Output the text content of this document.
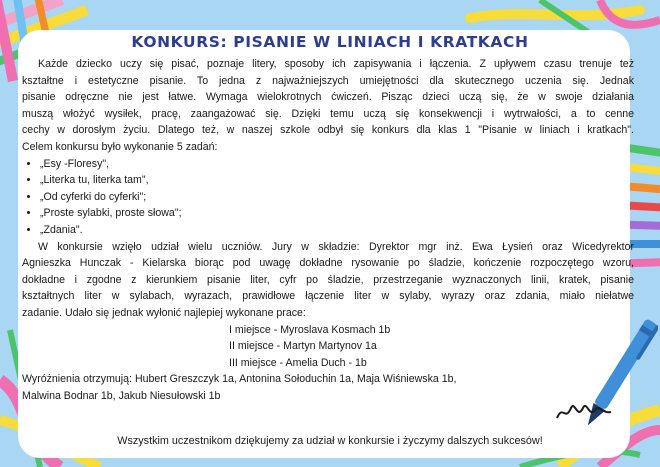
KONKURS: PISANIE W LINIACH I KRATKACH

Każde dziecko uczy się pisać, poznaje litery, sposoby ich zapisywania i łączenia. Z upływem czasu trenuje też

kształtne i estetyczne pisanie. To jedna z najważniejszych umiejętności dla skutecznego uczenia się. Jednak

pisanie odręczne nie jest łatwe. Wymaga wielokrotnych ćwiczeń. Pisząc dzieci uczą się, że w swoje działania

muszą włożyć wysiłek, pracę, zaangażować się. Dzięki temu uczą się konsekwencji i wytrwałości, a to cenne

cechy w dorosłym życiu. Dlatego też, w naszej szkole odbył się konkurs dla klas 1 "Pisanie w liniach i kratkach".

Celem konkursu było wykonanie 5 zadań:

• „Esy -Floresy",
• „Literka tu, literka tam",
• „Od cyferki do cyferki";
• „Proste sylabki, proste słowa";
• „Zdania".

W konkursie wzięło udział wielu uczniów. Jury w składzie: Dyrektor mgr inż. Ewa Łysień oraz Wicedyrektor

Agnieszka Hunczak - Kielarska biorąc pod uwagę dokładne rysowanie po śladzie, kończenie rozpoczętego wzoru,

dokładne i zgodne z kierunkiem pisanie liter, cyfr po śladzie, przestrzeganie wyznaczonych linii, kratek, pisanie

kształtnych liter w sylabach, wyrazach, prawidłowe łączenie liter w sylaby, wyrazy oraz zdania, miało niełatwe

zadanie. Udało się jednak wyłonić najlepiej wykonane prace:

I miejsce - Myroslava Kosmach 1b

II miejsce - Martyn Martynov 1a

III miejsce - Amelia Duch - 1b

Wyróżnienia otrzymują: Hubert Greszczyk 1a, Antonina Sołoduchin 1a, Maja Wiśniewska 1b,

Malwina Bodnar 1b, Jakub Niesułowski 1b

Wszystkim uczestnikom dziękujemy za udział w konkursie i życzymy dalszych sukcesów!
